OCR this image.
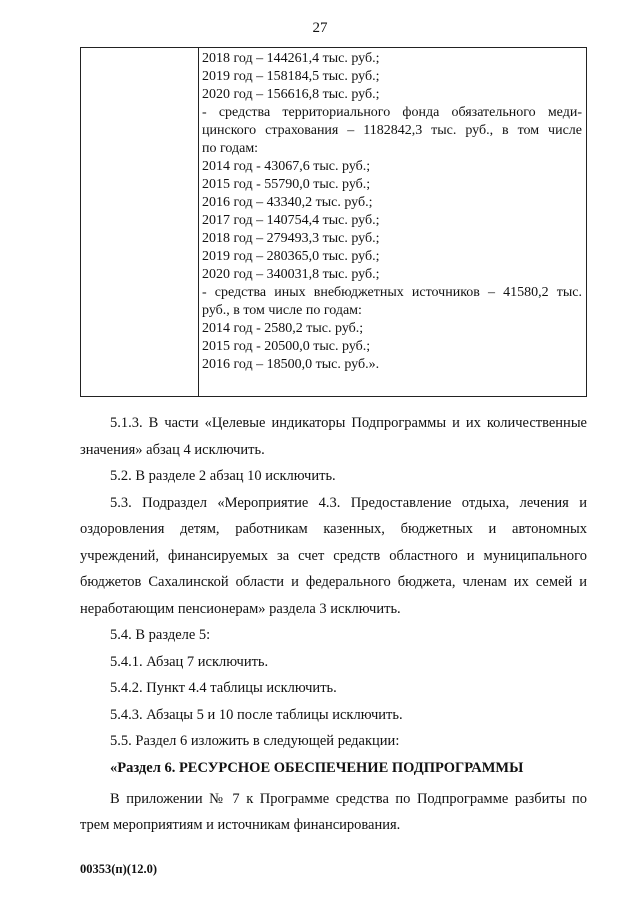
27
2018 год – 144261,4 тыс. руб.;
2019 год – 158184,5 тыс. руб.;
2020 год – 156616,8 тыс. руб.;
- средства территориального фонда обязательного меди-
цинского страхования – 1182842,3 тыс. руб., в том числе
по годам:
2014 год - 43067,6 тыс. руб.;
2015 год - 55790,0 тыс. руб.;
2016 год – 43340,2 тыс. руб.;
2017 год – 140754,4 тыс. руб.;
2018 год – 279493,3 тыс. руб.;
2019 год – 280365,0 тыс. руб.;
2020 год – 340031,8 тыс. руб.;
- средства иных внебюджетных источников – 41580,2 тыс.
руб., в том числе по годам:
2014 год - 2580,2 тыс. руб.;
2015 год - 20500,0 тыс. руб.;
2016 год – 18500,0 тыс. руб.».

5.1.3. В части «Целевые индикаторы Подпрограммы и их количественные значения» абзац 4 исключить.

5.2. В разделе 2 абзац 10 исключить.

5.3. Подраздел «Мероприятие 4.3. Предоставление отдыха, лечения и оздоровления детям, работникам казенных, бюджетных и автономных учреждений, финансируемых за счет средств областного и муниципального бюджетов Сахалинской области и федерального бюджета, членам их семей и неработающим пенсионерам» раздела 3 исключить.

5.4. В разделе 5:

5.4.1. Абзац 7 исключить.

5.4.2. Пункт 4.4 таблицы исключить.

5.4.3. Абзацы 5 и 10 после таблицы исключить.

5.5. Раздел 6 изложить в следующей редакции:

«Раздел 6. РЕСУРСНОЕ ОБЕСПЕЧЕНИЕ ПОДПРОГРАММЫ

В приложении № 7 к Программе средства по Подпрограмме разбиты по трем мероприятиям и источникам финансирования.

00353(п)(12.0)
